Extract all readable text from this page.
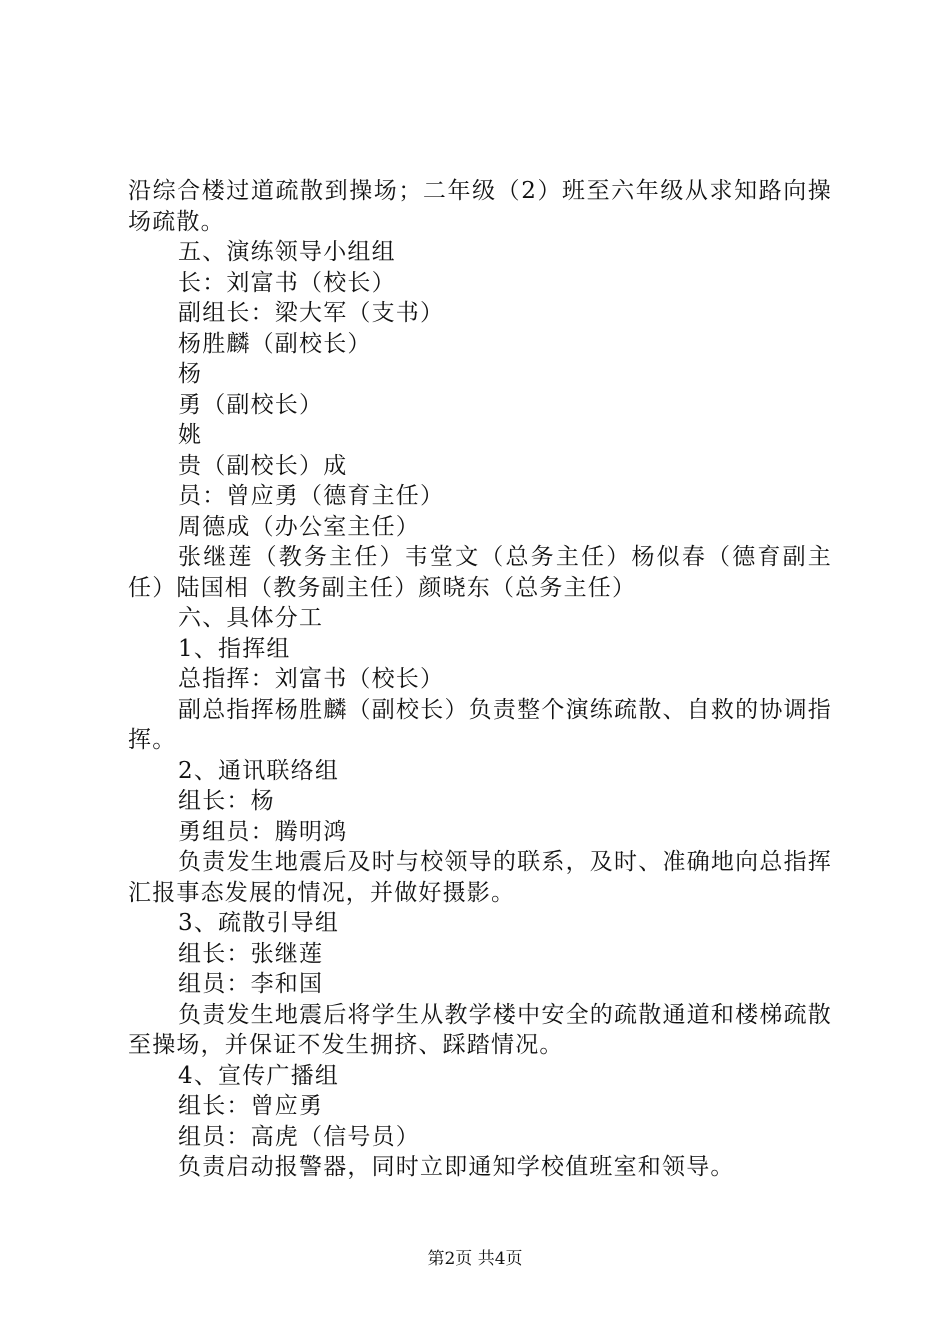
沿综合楼过道疏散到操场；二年级（2）班至六年级从求知路向操场疏散。

五、演练领导小组组

长：刘富书（校长）

副组长：梁大军（支书）

杨胜麟（副校长）

杨

勇（副校长）

姚

贵（副校长）成

员：曾应勇（德育主任）

周德成（办公室主任）

张继莲（教务主任）韦堂文（总务主任）杨似春（德育副主任）陆国相（教务副主任）颜晓东（总务主任）

六、具体分工

1、指挥组

总指挥：刘富书（校长）

副总指挥杨胜麟（副校长）负责整个演练疏散、自救的协调指挥。

2、通讯联络组

组长：杨

勇组员：腾明鸿

负责发生地震后及时与校领导的联系，及时、准确地向总指挥汇报事态发展的情况，并做好摄影。

3、疏散引导组

组长：张继莲

组员：李和国

负责发生地震后将学生从教学楼中安全的疏散通道和楼梯疏散至操场，并保证不发生拥挤、踩踏情况。

4、宣传广播组

组长：曾应勇

组员：高虎（信号员）

负责启动报警器，同时立即通知学校值班室和领导。

第2页 共4页
